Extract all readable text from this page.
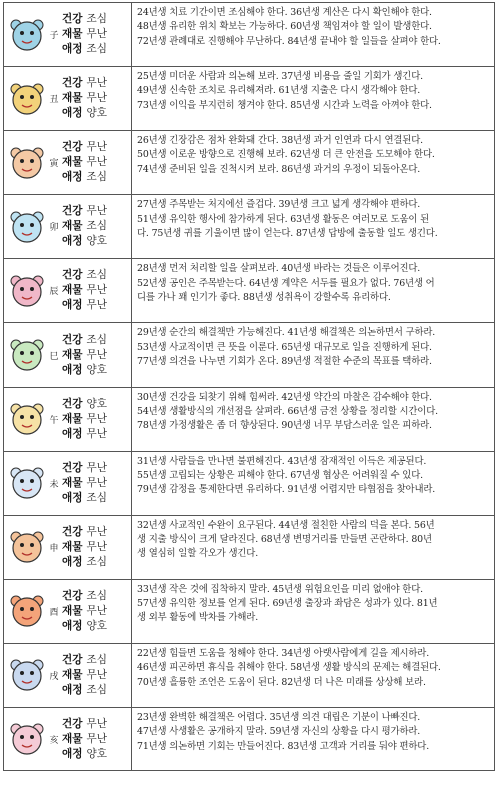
子
건강 조심
재물 무난
애정 조심
24년생 치료 기간이면 조심해야 한다. 36년생 계산은 다시 확인해야 한다.
48년생 유리한 위치 확보는 가능하다. 60년생 책임져야 할 일이 발생한다.
72년생 관례대로 진행해야 무난하다. 84년생 끝내야 할 일들을 살펴야 한다.
丑
건강 무난
재물 무난
애정 양호
25년생 미더운 사람과 의논해 보라. 37년생 비용을 줄일 기회가 생긴다.
49년생 신속한 조치로 유리해져라. 61년생 지출은 다시 생각해야 한다.
73년생 이익을 부지런히 챙겨야 한다. 85년생 시간과 노력을 아껴야 한다.
寅
건강 무난
재물 무난
애정 조심
26년생 긴장감은 점차 완화돼 간다. 38년생 과거 인연과 다시 연결된다.
50년생 이로운 방향으로 진행해 보라. 62년생 더 큰 안전을 도모해야 한다.
74년생 준비된 일을 진척시켜 보라. 86년생 과거의 우정이 되돌아온다.
卯
건강 무난
재물 조심
애정 양호
27년생 주목받는 처지에선 즐겁다. 39년생 크고 넓게 생각해야 편하다.
51년생 유익한 행사에 참가하게 된다. 63년생 활동은 여러모로 도움이 된
다. 75년생 귀를 기울이면 많이 얻는다. 87년생 답방에 출동할 일도 생긴다.
辰
건강 조심
재물 무난
애정 무난
28년생 먼저 처리할 일을 살펴보라. 40년생 바라는 것들은 이루어진다.
52년생 공인은 주목받는다. 64년생 계약은 서두를 필요가 없다. 76년생 어
디를 가나 꽤 인기가 좋다. 88년생 성취욕이 강할수록 유리하다.
巳
건강 조심
재물 무난
애정 양호
29년생 순간의 해결책만 가능해진다. 41년생 해결책은 의논하면서 구하라.
53년생 사교적이면 큰 뜻을 이룬다. 65년생 대규모로 일을 진행하게 된다.
77년생 의견을 나누면 기회가 온다. 89년생 적절한 수준의 목표를 택하라.
午
건강 양호
재물 무난
애정 무난
30년생 건강을 되찾기 위해 힘써라. 42년생 약간의 마찰은 감수해야 한다.
54년생 생활방식의 개선점을 살펴라. 66년생 금전 상황을 정리할 시간이다.
78년생 가정생활은 좀 더 향상된다. 90년생 너무 부담스러운 일은 피하라.
未
건강 무난
재물 무난
애정 조심
31년생 사람들을 만나면 불편해진다. 43년생 잠재적인 이득은 제공된다.
55년생 고립되는 상황은 피해야 한다. 67년생 협상은 어려워질 수 있다.
79년생 감정을 통제한다면 유리하다. 91년생 어렵지만 타협점을 찾아내라.
申
건강 무난
재물 무난
애정 조심
32년생 사교적인 수완이 요구된다. 44년생 절친한 사람의 덕을 본다. 56년
생 지출 방식이 크게 달라진다. 68년생 변명거리를 만들면 곤란하다. 80년
생 열심히 일할 각오가 생긴다.
酉
건강 조심
재물 무난
애정 양호
33년생 작은 것에 집착하지 말라. 45년생 위험요인을 미리 없애야 한다.
57년생 유익한 정보를 얻게 된다. 69년생 출장과 좌담은 성과가 있다. 81년
생 외부 활동에 박차를 가해라.
戌
건강 조심
재물 무난
애정 조심
22년생 힘들면 도움을 청해야 한다. 34년생 아랫사람에게 길을 제시하라.
46년생 피곤하면 휴식을 취해야 한다. 58년생 생활 방식의 문제는 해결된다.
70년생 흘륭한 조언은 도움이 된다. 82년생 더 나은 미래를 상상해 보라.
亥
건강 무난
재물 무난
애정 양호
23년생 완벽한 해결책은 어렵다. 35년생 의견 대립은 기분이 나빠진다.
47년생 사생활은 공개하지 말라. 59년생 자신의 상황을 다시 평가하라.
71년생 의논하면 기회는 만들어진다. 83년생 고객과 거리를 둬야 편하다.
